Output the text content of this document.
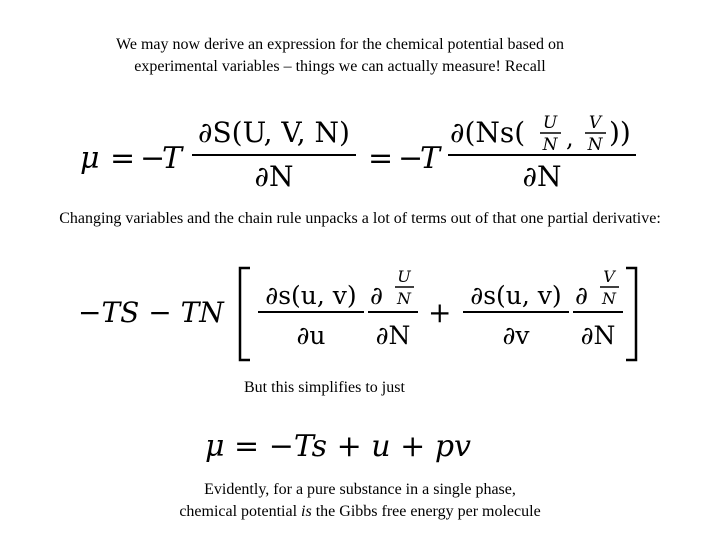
We may now derive an expression for the chemical potential based on
experimental variables – things we can actually measure! Recall
μ = −
T
∂S(U, V, N)
∂N
= −
T
∂(Ns( U
N ,
V
N ))
∂N
Changing variables and the chain rule unpacks a lot of terms out of that one partial derivative:
−TS − TN
∂s(u, v)
∂u
∂
U
N
∂N
+
∂s(u, v)
∂v
∂
V
N
∂N
But this simplifies to just
μ = −Ts + u + pv
Evidently, for a pure substance in a single phase,
chemical potential is the Gibbs free energy per molecule
